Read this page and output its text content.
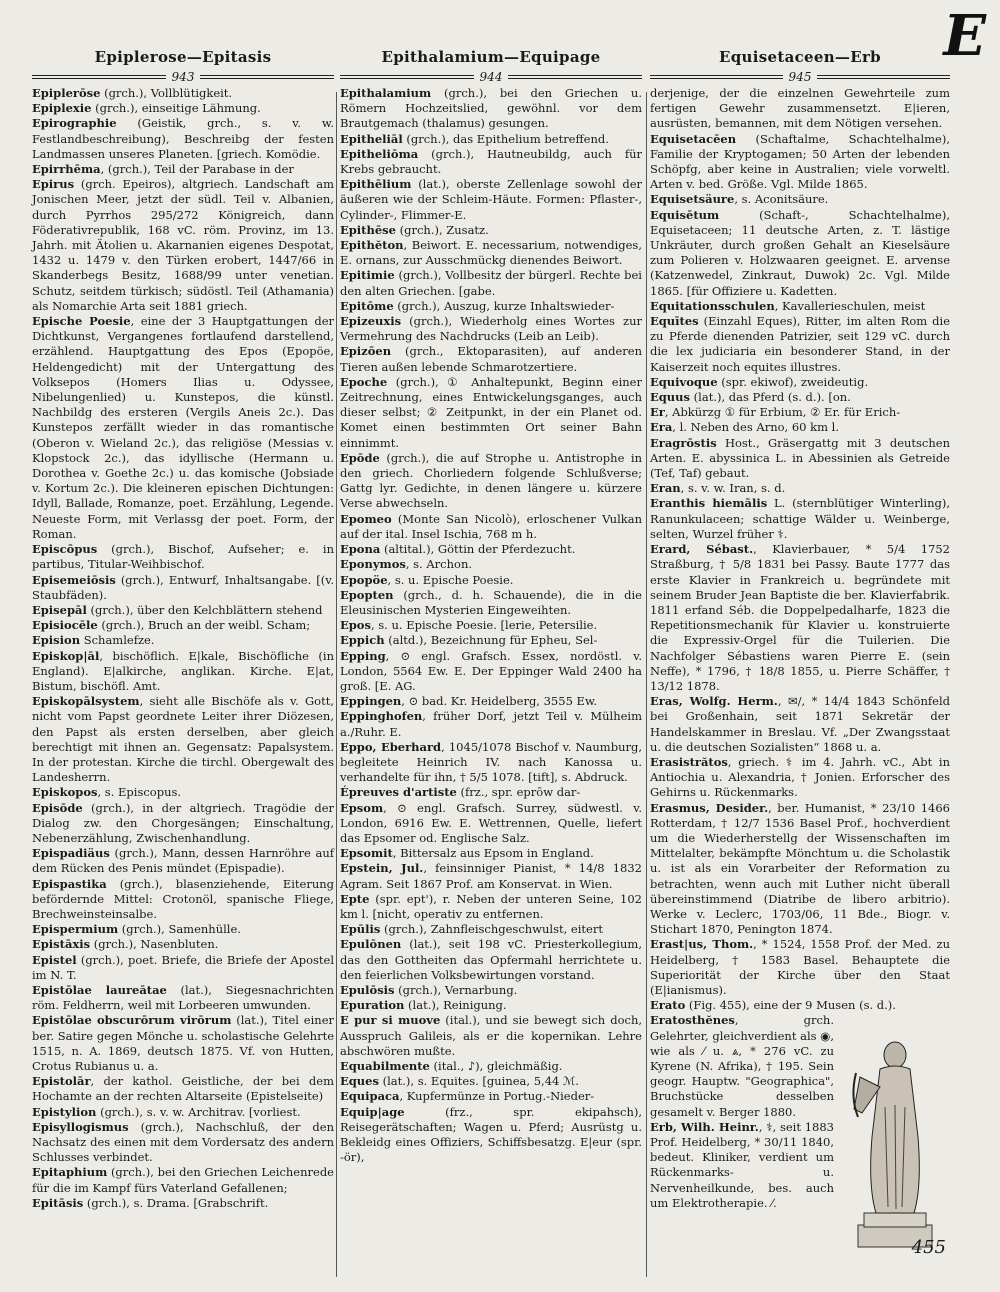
E
Epiplerose—Epitasis
943
Epiplerōse (grch.), Vollblütigkeit.
Epiplexie (grch.), einseitige Lähmung.
Epirographie (Geistik, grch., s. v. w. Festlandbeschreibung), Beschreibg der festen Landmassen unseres Planeten. [griech. Komödie.
Epirrhēma, (grch.), Teil der Parabase in der
Epirus (grch. Epeiros), altgriech. Landschaft am Jonischen Meer, jetzt der südl. Teil v. Albanien, durch Pyrrhos 295/272 Königreich, dann Föderativrepublik, 168 vC. röm. Provinz, im 13. Jahrh. mit Ätolien u. Akarnanien eigenes Despotat, 1432 u. 1479 v. den Türken erobert, 1447/66 in Skanderbegs Besitz, 1688/99 unter venetian. Schutz, seitdem türkisch; südöstl. Teil (Athamania) als Nomarchie Arta seit 1881 griech.
Epische Poesie, eine der 3 Hauptgattungen der Dichtkunst, Vergangenes fortlaufend darstellend, erzählend. Hauptgattung des Epos (Epopöe, Heldengedicht) mit der Untergattung des Volksepos (Homers Ilias u. Odyssee, Nibelungenlied) u. Kunstepos, die künstl. Nachbildg des ersteren (Vergils Aneis 2c.). Das Kunstepos zerfällt wieder in das romantische (Oberon v. Wieland 2c.), das religiöse (Messias v. Klopstock 2c.), das idyllische (Hermann u. Dorothea v. Goethe 2c.) u. das komische (Jobsiade v. Kortum 2c.). Die kleineren epischen Dichtungen: Idyll, Ballade, Romanze, poet. Erzählung, Legende. Neueste Form, mit Verlassg der poet. Form, der Roman.
Episcōpus (grch.), Bischof, Aufseher; e. in partibus, Titular-Weihbischof.
Episemeiōsis (grch.), Entwurf, Inhaltsangabe. [(v. Staubfäden).
Episepāl (grch.), über den Kelchblättern stehend
Episiocēle (grch.), Bruch an der weibl. Scham;
Epision Schamlefze.
Episkop|āl, bischöflich. E|kale, Bischöfliche (in England). E|alkirche, anglikan. Kirche. E|at, Bistum, bischöfl. Amt.
Episkopālsystem, sieht alle Bischöfe als v. Gott, nicht vom Papst geordnete Leiter ihrer Diözesen, den Papst als ersten derselben, aber gleich berechtigt mit ihnen an. Gegensatz: Papalsystem. In der protestan. Kirche die tirchl. Obergewalt des Landesherrn.
Episkopos, s. Episcopus.
Episōde (grch.), in der altgriech. Tragödie der Dialog zw. den Chorgesängen; Einschaltung, Nebenerzählung, Zwischenhandlung.
Epispadiäus (grch.), Mann, dessen Harnröhre auf dem Rücken des Penis mündet (Epispadie).
Epispastika (grch.), blasenziehende, Eiterung befördernde Mittel: Crotonöl, spanische Fliege, Brechweinsteinsalbe.
Epispermium (grch.), Samenhülle.
Epistāxis (grch.), Nasenbluten.
Epistel (grch.), poet. Briefe, die Briefe der Apostel im N. T.
Epistōlae laureātae (lat.), Siegesnachrichten röm. Feldherrn, weil mit Lorbeeren umwunden.
Epistōlae obscurōrum virōrum (lat.), Titel einer ber. Satire gegen Mönche u. scholastische Gelehrte 1515, n. A. 1869, deutsch 1875. Vf. von Hutten, Crotus Rubianus u. a.
Epistolār, der kathol. Geistliche, der bei dem Hochamte an der rechten Altarseite (Epistelseite)
Epistylion (grch.), s. v. w. Architrav. [vorliest.
Episyllogismus (grch.), Nachschluß, der den Nachsatz des einen mit dem Vordersatz des andern Schlusses verbindet.
Epitaphium (grch.), bei den Griechen Leichenrede für die im Kampf fürs Vaterland Gefallenen;
Epitāsis (grch.), s. Drama. [Grabschrift.
Epithalamium—Equipage
944
Epithalamium (grch.), bei den Griechen u. Römern Hochzeitslied, gewöhnl. vor dem Brautgemach (thalamus) gesungen.
Epitheliāl (grch.), das Epithelium betreffend.
Epitheliōma (grch.), Hautneubildg, auch für Krebs gebraucht.
Epithēlium (lat.), oberste Zellenlage sowohl der äußeren wie der Schleim-Häute. Formen: Pflaster-, Cylinder-, Flimmer-E.
Epithēse (grch.), Zusatz.
Epithĕton, Beiwort. E. necessarium, notwendiges, E. ornans, zur Ausschmückg dienendes Beiwort.
Epitimie (grch.), Vollbesitz der bürgerl. Rechte bei den alten Griechen. [gabe.
Epitōme (grch.), Auszug, kurze Inhaltswieder-
Epizeuxis (grch.), Wiederholg eines Wortes zur Vermehrung des Nachdrucks (Leib an Leib).
Epizōen (grch., Ektoparasiten), auf anderen Tieren außen lebende Schmarotzertiere.
Epoche (grch.), ① Anhaltepunkt, Beginn einer Zeitrechnung, eines Entwickelungsganges, auch dieser selbst; ② Zeitpunkt, in der ein Planet od. Komet einen bestimmten Ort seiner Bahn einnimmt.
Epōde (grch.), die auf Strophe u. Antistrophe in den griech. Chorliedern folgende Schlußverse; Gattg lyr. Gedichte, in denen längere u. kürzere Verse abwechseln.
Epomeo (Monte San Nicolò), erloschener Vulkan auf der ital. Insel Ischia, 768 m h.
Epona (altital.), Göttin der Pferdezucht.
Eponymos, s. Archon.
Epopöe, s. u. Epische Poesie.
Epopten (grch., d. h. Schauende), die in die Eleusinischen Mysterien Eingeweihten.
Epos, s. u. Epische Poesie. [lerie, Petersilie.
Eppich (altd.), Bezeichnung für Epheu, Sel-
Epping, ⊙ engl. Grafsch. Essex, nordöstl. v. London, 5564 Ew. E. Der Eppinger Wald 2400 ha groß. [E. AG.
Eppingen, ⊙ bad. Kr. Heidelberg, 3555 Ew.
Eppinghofen, früher Dorf, jetzt Teil v. Mülheim a./Ruhr. E.
Eppo, Eberhard, 1045/1078 Bischof v. Naumburg, begleitete Heinrich IV. nach Kanossa u. verhandelte für ihn, † 5/5 1078. [tift], s. Abdruck.
Épreuves d'artiste (frz., spr. eprōw dar-
Epsom, ⊙ engl. Grafsch. Surrey, südwestl. v. London, 6916 Ew. E. Wettrennen, Quelle, liefert das Epsomer od. Englische Salz.
Epsomit, Bittersalz aus Epsom in England.
Epstein, Jul., feinsinniger Pianist, * 14/8 1832 Agram. Seit 1867 Prof. am Konservat. in Wien.
Epte (spr. ept'), r. Neben der unteren Seine, 102 km l. [nicht, operativ zu entfernen.
Epūlis (grch.), Zahnfleischgeschwulst, eitert
Epulōnen (lat.), seit 198 vC. Priesterkollegium, das den Gottheiten das Opfermahl herrichtete u. den feierlichen Volksbewirtungen vorstand.
Epulōsis (grch.), Vernarbung.
Epuration (lat.), Reinigung.
E pur si muove (ital.), und sie bewegt sich doch, Ausspruch Galileis, als er die kopernikan. Lehre abschwören mußte.
Equabilmente (ital., ♪), gleichmäßig.
Eques (lat.), s. Equites. [guinea, 5,44 ℳ.
Equipaca, Kupfermünze in Portug.-Nieder-
Equip|age (frz., spr. ekipahsch), Reisegerätschaften; Wagen u. Pferd; Ausrüstg u. Bekleidg eines Offiziers, Schiffsbesatzg. E|eur (spr. -ör),
Equisetaceen—Erb
945
derjenige, der die einzelnen Gewehrteile zum fertigen Gewehr zusammensetzt. E|ieren, ausrüsten, bemannen, mit dem Nötigen versehen.
Equisetacēen (Schaftalme, Schachtelhalme), Familie der Kryptogamen; 50 Arten der lebenden Schöpfg, aber keine in Australien; viele vorweltl. Arten v. bed. Größe. Vgl. Milde 1865.
Equisetsäure, s. Aconitsäure.
Equisētum (Schaft-, Schachtelhalme), Equisetaceen; 11 deutsche Arten, z. T. lästige Unkräuter, durch großen Gehalt an Kieselsäure zum Polieren v. Holzwaaren geeignet. E. arvense (Katzenwedel, Zinkraut, Duwok) 2c. Vgl. Milde 1865. [für Offiziere u. Kadetten.
Equitationsschulen, Kavallerieschulen, meist
Equītes (Einzahl Eques), Ritter, im alten Rom die zu Pferde dienenden Patrizier, seit 129 vC. durch die lex judiciaria ein besonderer Stand, in der Kaiserzeit noch equites illustres.
Equivoque (spr. ekiwof), zweideutig.
Equus (lat.), das Pferd (s. d.). [on.
Er, Abkürzg ① für Erbium, ② Er. für Erich-
Era, l. Neben des Arno, 60 km l.
Eragrōstis Host., Gräsergattg mit 3 deutschen Arten. E. abyssinica L. in Abessinien als Getreide (Tef, Taf) gebaut.
Eran, s. v. w. Iran, s. d.
Eranthis hiemālis L. (sternblütiger Winterling), Ranunkulaceen; schattige Wälder u. Weinberge, selten, Wurzel früher ⚕.
Erard, Sébast., Klavierbauer, * 5/4 1752 Straßburg, † 5/8 1831 bei Passy. Baute 1777 das erste Klavier in Frankreich u. begründete mit seinem Bruder Jean Baptiste die ber. Klavierfabrik. 1811 erfand Séb. die Doppelpedalharfe, 1823 die Repetitionsmechanik für Klavier u. konstruierte die Expressiv-Orgel für die Tuilerien. Die Nachfolger Sébastiens waren Pierre E. (sein Neffe), * 1796, † 18/8 1855, u. Pierre Schäffer, † 13/12 1878.
Eras, Wolfg. Herm., ✉/, * 14/4 1843 Schönfeld bei Großenhain, seit 1871 Sekretär der Handelskammer in Breslau. Vf. „Der Zwangsstaat u. die deutschen Sozialisten“ 1868 u. a.
Erasistrătos, griech. ⚕ im 4. Jahrh. vC., Abt in Antiochia u. Alexandria, † Jonien. Erforscher des Gehirns u. Rückenmarks.
Erasmus, Desider., ber. Humanist, * 23/10 1466 Rotterdam, † 12/7 1536 Basel Prof., hochverdient um die Wiederherstellg der Wissenschaften im Mittelalter, bekämpfte Mönchtum u. die Scholastik u. ist als ein Vorarbeiter der Reformation zu betrachten, wenn auch mit Luther nicht überall übereinstimmend (Diatribe de libero arbitrio). Werke v. Leclerc, 1703/06, 11 Bde., Biogr. v. Stichart 1870, Penington 1874.
Erast|us, Thom., * 1524, 1558 Prof. der Med. zu Heidelberg, † 1583 Basel. Behauptete die Superiorität der Kirche über den Staat (E|ianismus).
Erato (Fig. 455), eine der 9 Musen (s. d.).
455
Eratosthĕnes, grch. Gelehrter, gleichverdient als ◉, wie als ⁄ u. ⩓, * 276 vC. zu Kyrene (N. Afrika), † 195. Sein geogr. Hauptw. "Geographica", Bruchstücke desselben gesamelt v. Berger 1880.
Erb, Wilh. Heinr., ⚕, seit 1883 Prof. Heidelberg, * 30/11 1840, bedeut. Kliniker, verdient um Rückenmarks- u. Nervenheilkunde, bes. auch um Elektrotherapie. ⁄.
